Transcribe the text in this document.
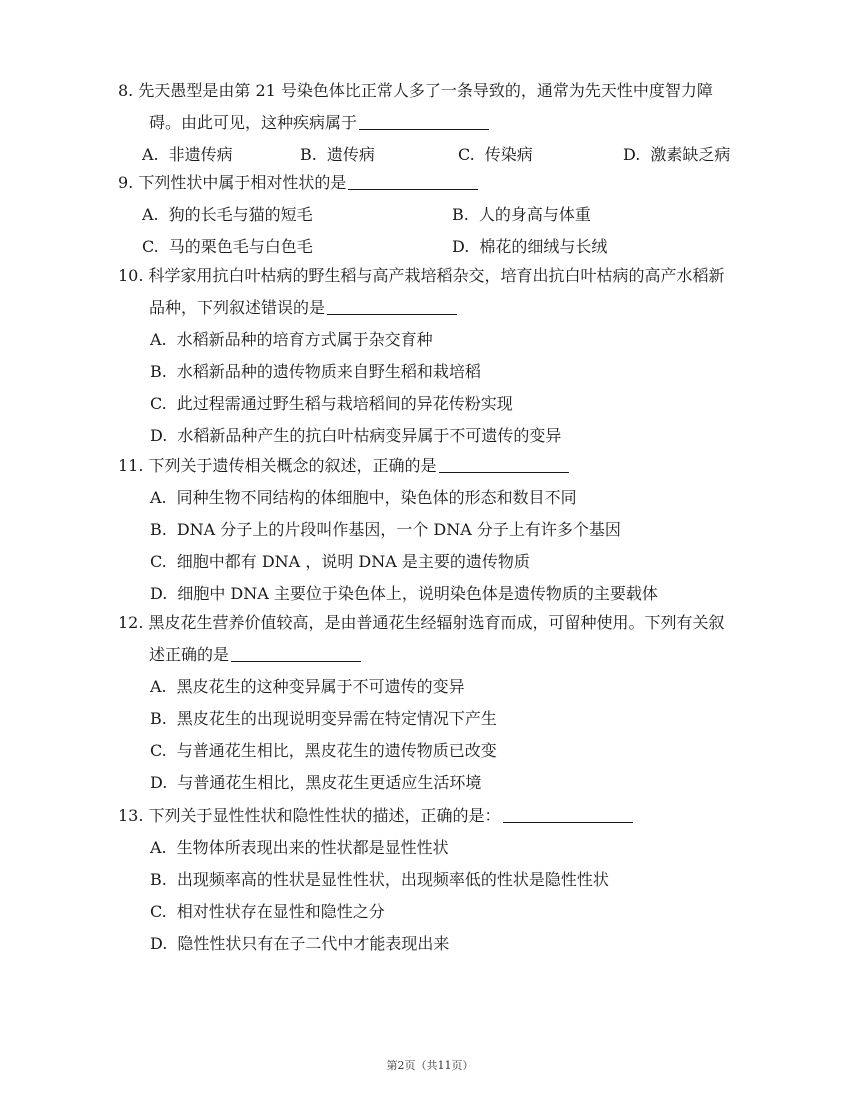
8. 先天愚型是由第 21 号染色体比正常人多了一条导致的，通常为先天性中度智力障
碍。由此可见，这种疾病属于
A. 非遗传病	B. 遗传病	C. 传染病	D. 激素缺乏病
9. 下列性状中属于相对性状的是
A. 狗的长毛与猫的短毛	B. 人的身高与体重
C. 马的栗色毛与白色毛	D. 棉花的细绒与长绒
10. 科学家用抗白叶枯病的野生稻与高产栽培稻杂交，培育出抗白叶枯病的高产水稻新
品种，下列叙述错误的是
A. 水稻新品种的培育方式属于杂交育种
B. 水稻新品种的遗传物质来自野生稻和栽培稻
C. 此过程需通过野生稻与栽培稻间的异花传粉实现
D. 水稻新品种产生的抗白叶枯病变异属于不可遗传的变异
11. 下列关于遗传相关概念的叙述，正确的是
A. 同种生物不同结构的体细胞中，染色体的形态和数目不同
B. DNA 分子上的片段叫作基因，一个 DNA 分子上有许多个基因
C. 细胞中都有 DNA ，说明 DNA 是主要的遗传物质
D. 细胞中 DNA 主要位于染色体上，说明染色体是遗传物质的主要载体
12. 黑皮花生营养价值较高，是由普通花生经辐射选育而成，可留种使用。下列有关叙
述正确的是
A. 黑皮花生的这种变异属于不可遗传的变异
B. 黑皮花生的出现说明变异需在特定情况下产生
C. 与普通花生相比，黑皮花生的遗传物质已改变
D. 与普通花生相比，黑皮花生更适应生活环境
13. 下列关于显性性状和隐性性状的描述，正确的是：
A. 生物体所表现出来的性状都是显性性状
B. 出现频率高的性状是显性性状，出现频率低的性状是隐性性状
C. 相对性状存在显性和隐性之分
D. 隐性性状只有在子二代中才能表现出来
第2页（共11页）
